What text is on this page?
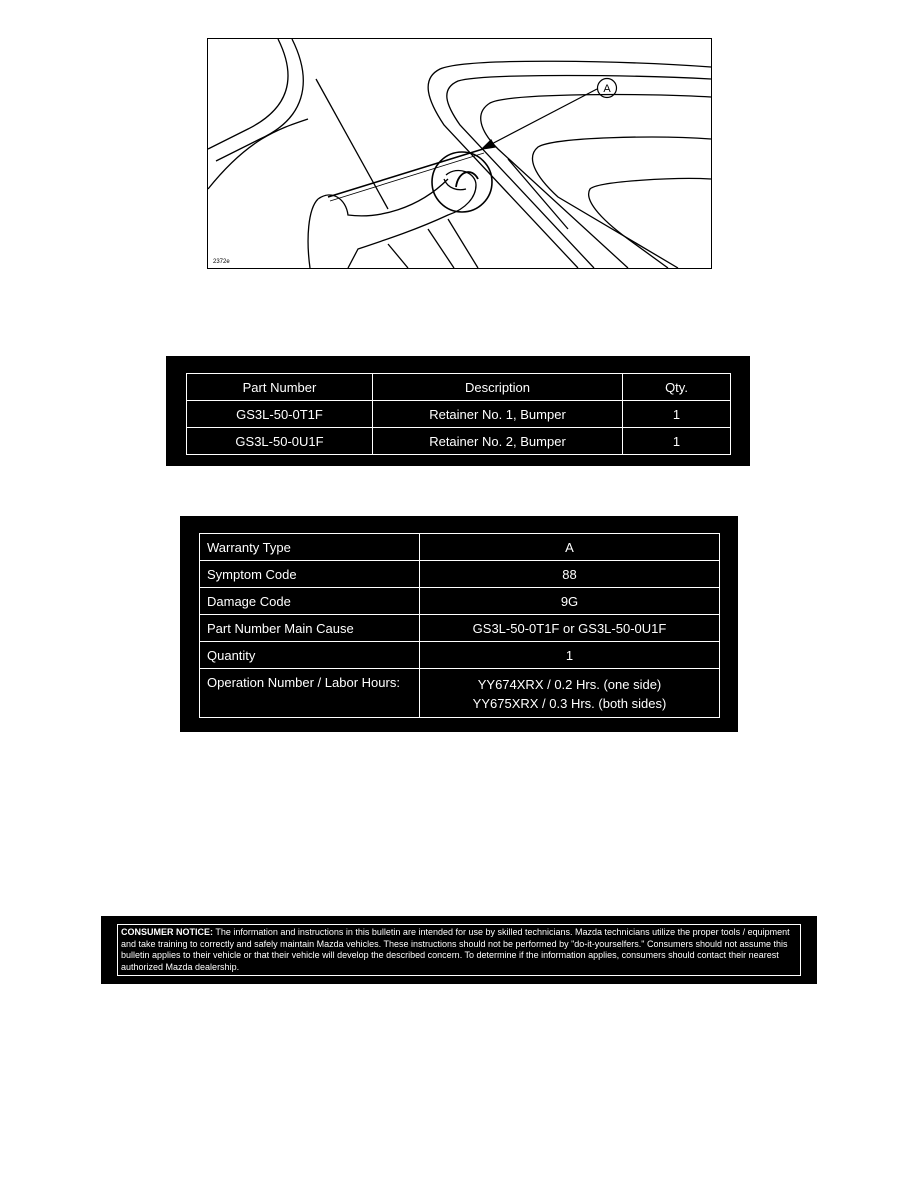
A
2372e
Part Number	Description	Qty.
GS3L-50-0T1F	Retainer No. 1, Bumper	1
GS3L-50-0U1F	Retainer No. 2, Bumper	1
Warranty Type	A
Symptom Code	88
Damage Code	9G
Part Number Main Cause	GS3L-50-0T1F or GS3L-50-0U1F
Quantity	1
Operation Number / Labor Hours:	YY674XRX / 0.2 Hrs. (one side)
YY675XRX / 0.3 Hrs. (both sides)
CONSUMER NOTICE: The information and instructions in this bulletin are intended for use by skilled technicians. Mazda technicians utilize the proper tools / equipment and take training to correctly and safely maintain Mazda vehicles. These instructions should not be performed by "do-it-yourselfers." Consumers should not assume this bulletin applies to their vehicle or that their vehicle will develop the described concern. To determine if the information applies, consumers should contact their nearest authorized Mazda dealership.
